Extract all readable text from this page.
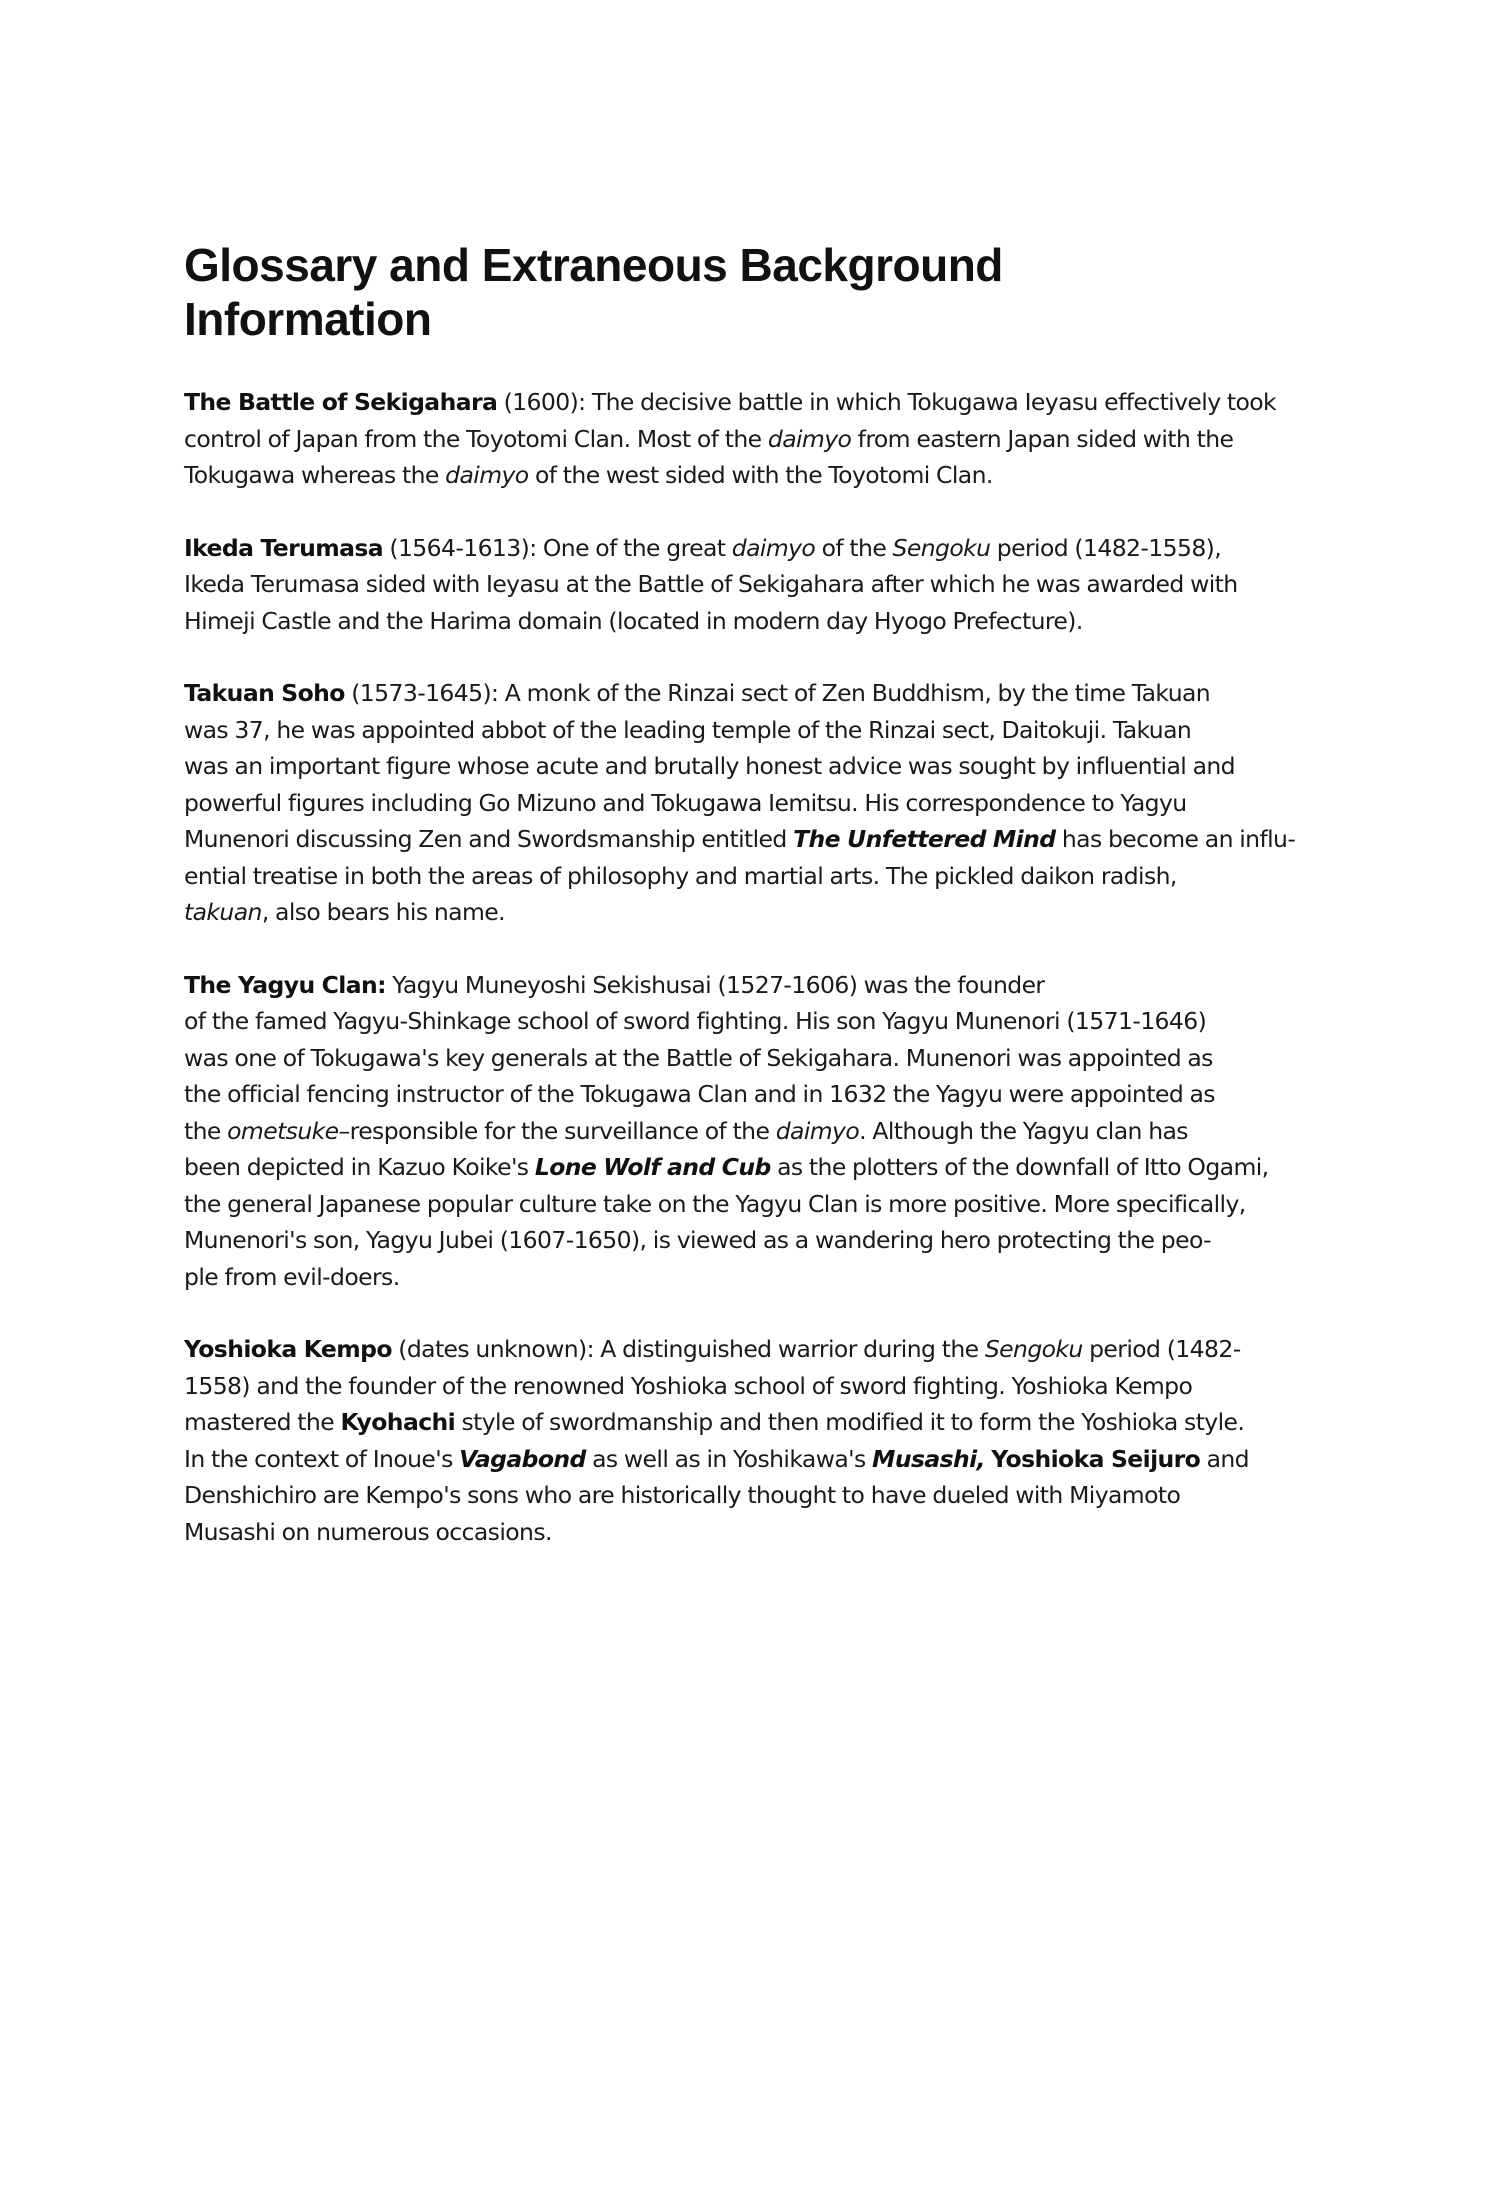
Glossary and Extraneous Background
Information

The Battle of Sekigahara (1600): The decisive battle in which Tokugawa Ieyasu effectively took
control of Japan from the Toyotomi Clan. Most of the daimyo from eastern Japan sided with the
Tokugawa whereas the daimyo of the west sided with the Toyotomi Clan.

Ikeda Terumasa (1564-1613): One of the great daimyo of the Sengoku period (1482-1558),
Ikeda Terumasa sided with Ieyasu at the Battle of Sekigahara after which he was awarded with
Himeji Castle and the Harima domain (located in modern day Hyogo Prefecture).

Takuan Soho (1573-1645): A monk of the Rinzai sect of Zen Buddhism, by the time Takuan
was 37, he was appointed abbot of the leading temple of the Rinzai sect, Daitokuji. Takuan
was an important figure whose acute and brutally honest advice was sought by influential and
powerful figures including Go Mizuno and Tokugawa Iemitsu. His correspondence to Yagyu
Munenori discussing Zen and Swordsmanship entitled The Unfettered Mind has become an influ-
ential treatise in both the areas of philosophy and martial arts. The pickled daikon radish,
takuan, also bears his name.

The Yagyu Clan: Yagyu Muneyoshi Sekishusai (1527-1606) was the founder
of the famed Yagyu-Shinkage school of sword fighting. His son Yagyu Munenori (1571-1646)
was one of Tokugawa's key generals at the Battle of Sekigahara. Munenori was appointed as
the official fencing instructor of the Tokugawa Clan and in 1632 the Yagyu were appointed as
the ometsuke–responsible for the surveillance of the daimyo. Although the Yagyu clan has
been depicted in Kazuo Koike's Lone Wolf and Cub as the plotters of the downfall of Itto Ogami,
the general Japanese popular culture take on the Yagyu Clan is more positive. More specifically,
Munenori's son, Yagyu Jubei (1607-1650), is viewed as a wandering hero protecting the peo-
ple from evil-doers.

Yoshioka Kempo (dates unknown): A distinguished warrior during the Sengoku period (1482-
1558) and the founder of the renowned Yoshioka school of sword fighting. Yoshioka Kempo
mastered the Kyohachi style of swordmanship and then modified it to form the Yoshioka style.
In the context of Inoue's Vagabond as well as in Yoshikawa's Musashi, Yoshioka Seijuro and
Denshichiro are Kempo's sons who are historically thought to have dueled with Miyamoto
Musashi on numerous occasions.
